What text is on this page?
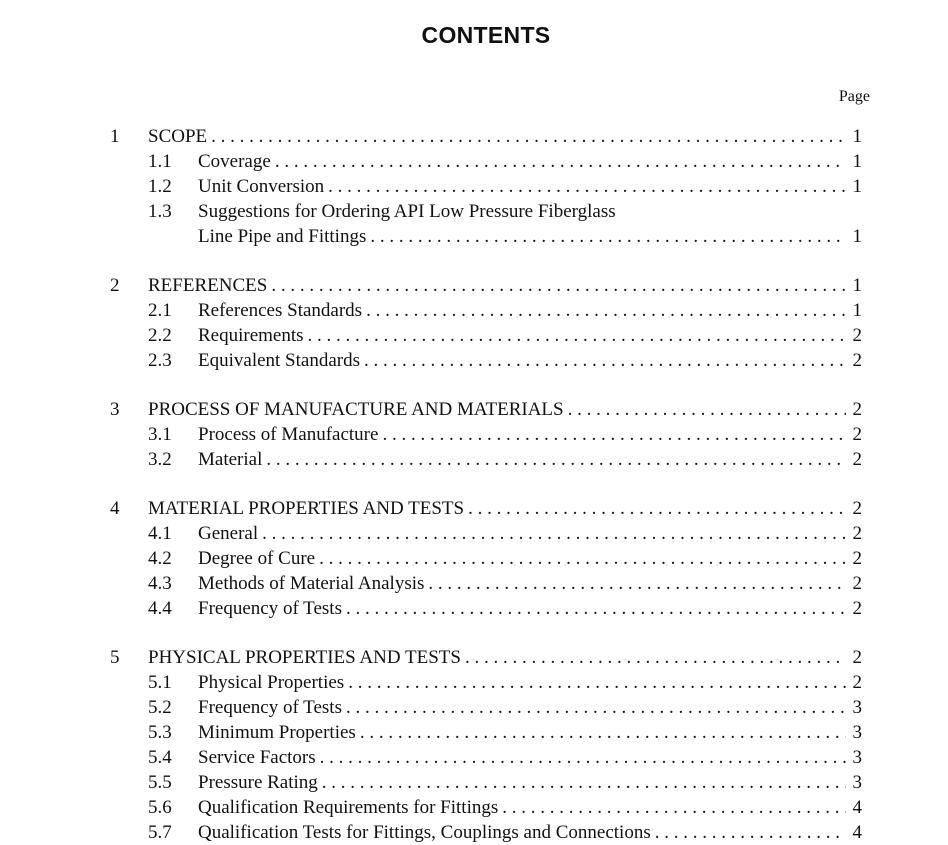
CONTENTS
Page
1	SCOPE . . .	1
1.1	Coverage . . .	1
1.2	Unit Conversion . . .	1
1.3	Suggestions for Ordering API Low Pressure Fiberglass
Line Pipe and Fittings . . .	1
2	REFERENCES . . .	1
2.1	References Standards . . .	1
2.2	Requirements . . .	2
2.3	Equivalent Standards . . .	2
3	PROCESS OF MANUFACTURE AND MATERIALS . . .	2
3.1	Process of Manufacture . . .	2
3.2	Material . . .	2
4	MATERIAL PROPERTIES AND TESTS . . .	2
4.1	General . . .	2
4.2	Degree of Cure . . .	2
4.3	Methods of Material Analysis . . .	2
4.4	Frequency of Tests . . .	2
5	PHYSICAL PROPERTIES AND TESTS . . .	2
5.1	Physical Properties . . .	2
5.2	Frequency of Tests . . .	3
5.3	Minimum Properties . . .	3
5.4	Service Factors . . .	3
5.5	Pressure Rating . . .	3
5.6	Qualification Requirements for Fittings . . .	4
5.7	Qualification Tests for Fittings, Couplings and Connections . . .	4
